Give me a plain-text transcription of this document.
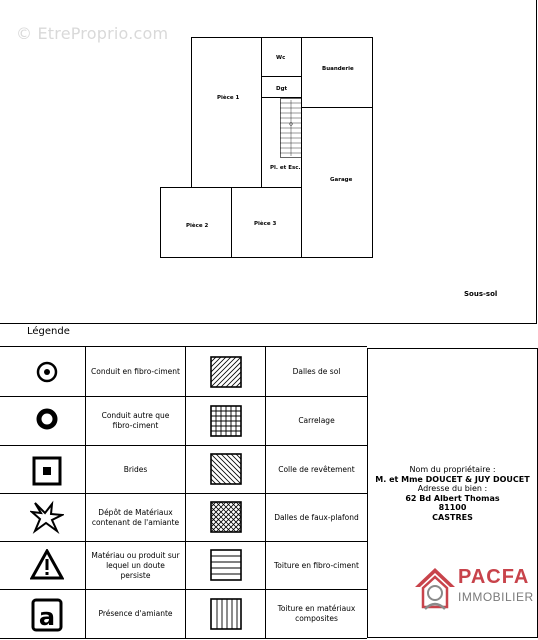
© EtreProprio.com
Pièce 1
Wc
Dgt
Pl. et Esc.
Buanderie
Garage
Pièce 2	Pièce 3
Sous-sol
Légende
a
Conduit en fibro-ciment
Conduit autre que fibro-ciment
Brides
Dépôt de Matériaux contenant de l'amiante
Matériau ou produit sur lequel un doute persiste
Présence d'amiante
Dalles de sol
Carrelage
Colle de revêtement
Dalles de faux-plafond
Toiture en fibro-ciment
Toiture en matériaux composites
Nom du propriétaire :
M. et Mme DOUCET & JUY DOUCET
Adresse du bien :
62 Bd Albert Thomas
81100
CASTRES
PACFA
IMMOBILIER
